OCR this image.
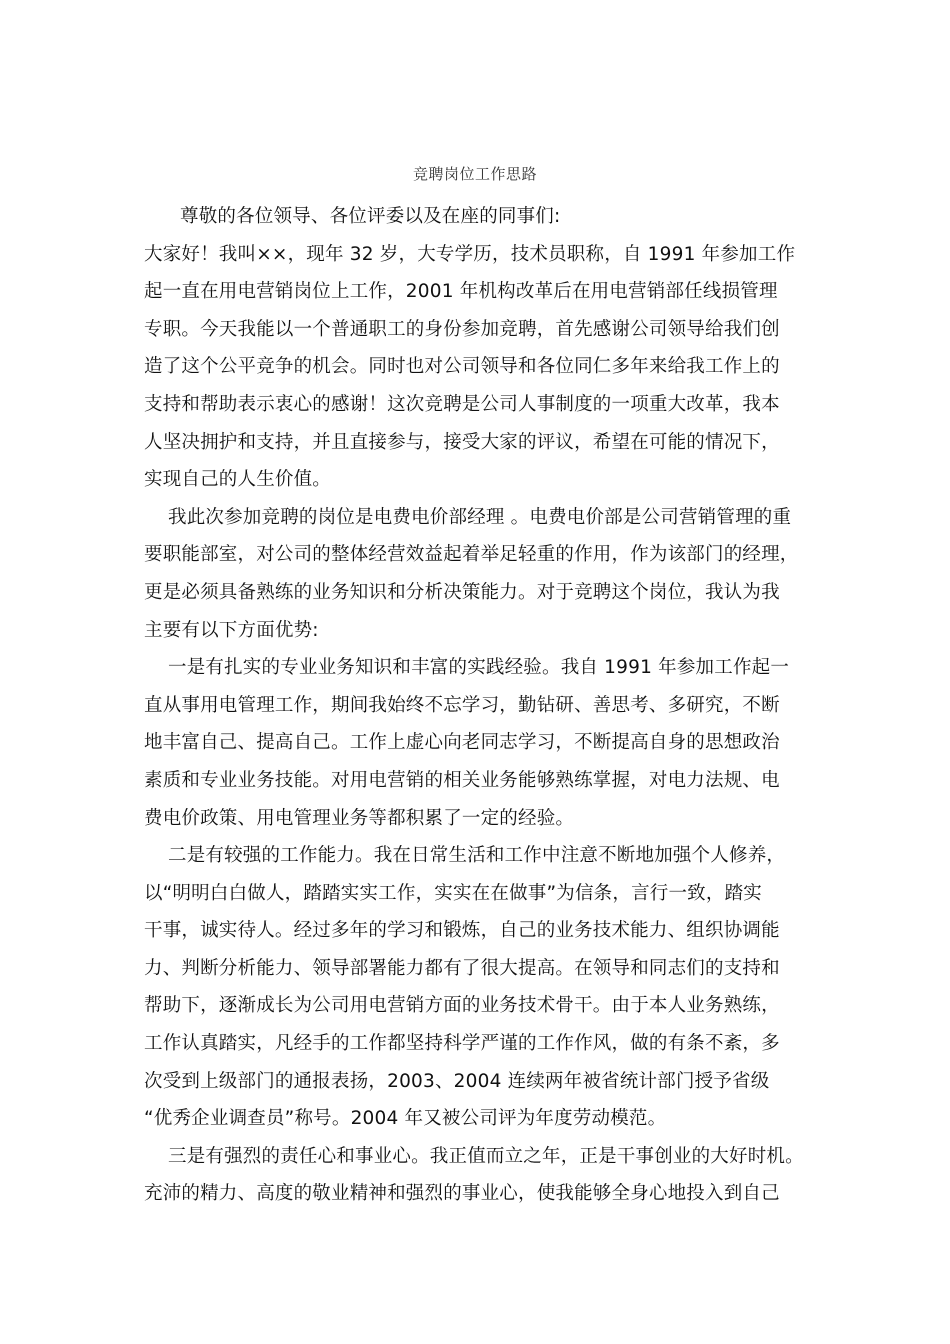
竞聘岗位工作思路
尊敬的各位领导、各位评委以及在座的同事们:
大家好！我叫××，现年 32 岁，大专学历，技术员职称，自 1991 年参加工作
起一直在用电营销岗位上工作，2001 年机构改革后在用电营销部任线损管理
专职。今天我能以一个普通职工的身份参加竞聘，首先感谢公司领导给我们创
造了这个公平竞争的机会。同时也对公司领导和各位同仁多年来给我工作上的
支持和帮助表示衷心的感谢！这次竞聘是公司人事制度的一项重大改革，我本
人坚决拥护和支持，并且直接参与，接受大家的评议，希望在可能的情况下，
实现自己的人生价值。
我此次参加竞聘的岗位是电费电价部经理 。电费电价部是公司营销管理的重
要职能部室，对公司的整体经营效益起着举足轻重的作用，作为该部门的经理，
更是必须具备熟练的业务知识和分析决策能力。对于竞聘这个岗位，我认为我
主要有以下方面优势:
一是有扎实的专业业务知识和丰富的实践经验。我自 1991 年参加工作起一
直从事用电管理工作，期间我始终不忘学习，勤钻研、善思考、多研究，不断
地丰富自己、提高自己。工作上虚心向老同志学习，不断提高自身的思想政治
素质和专业业务技能。对用电营销的相关业务能够熟练掌握，对电力法规、电
费电价政策、用电管理业务等都积累了一定的经验。
二是有较强的工作能力。我在日常生活和工作中注意不断地加强个人修养，
以“明明白白做人，踏踏实实工作，实实在在做事”为信条，言行一致，踏实
干事，诚实待人。经过多年的学习和锻炼，自己的业务技术能力、组织协调能
力、判断分析能力、领导部署能力都有了很大提高。在领导和同志们的支持和
帮助下，逐渐成长为公司用电营销方面的业务技术骨干。由于本人业务熟练，
工作认真踏实，凡经手的工作都坚持科学严谨的工作作风，做的有条不紊，多
次受到上级部门的通报表扬，2003、2004 连续两年被省统计部门授予省级
“优秀企业调查员”称号。2004 年又被公司评为年度劳动模范。
三是有强烈的责任心和事业心。我正值而立之年，正是干事创业的大好时机。
充沛的精力、高度的敬业精神和强烈的事业心，使我能够全身心地投入到自己
